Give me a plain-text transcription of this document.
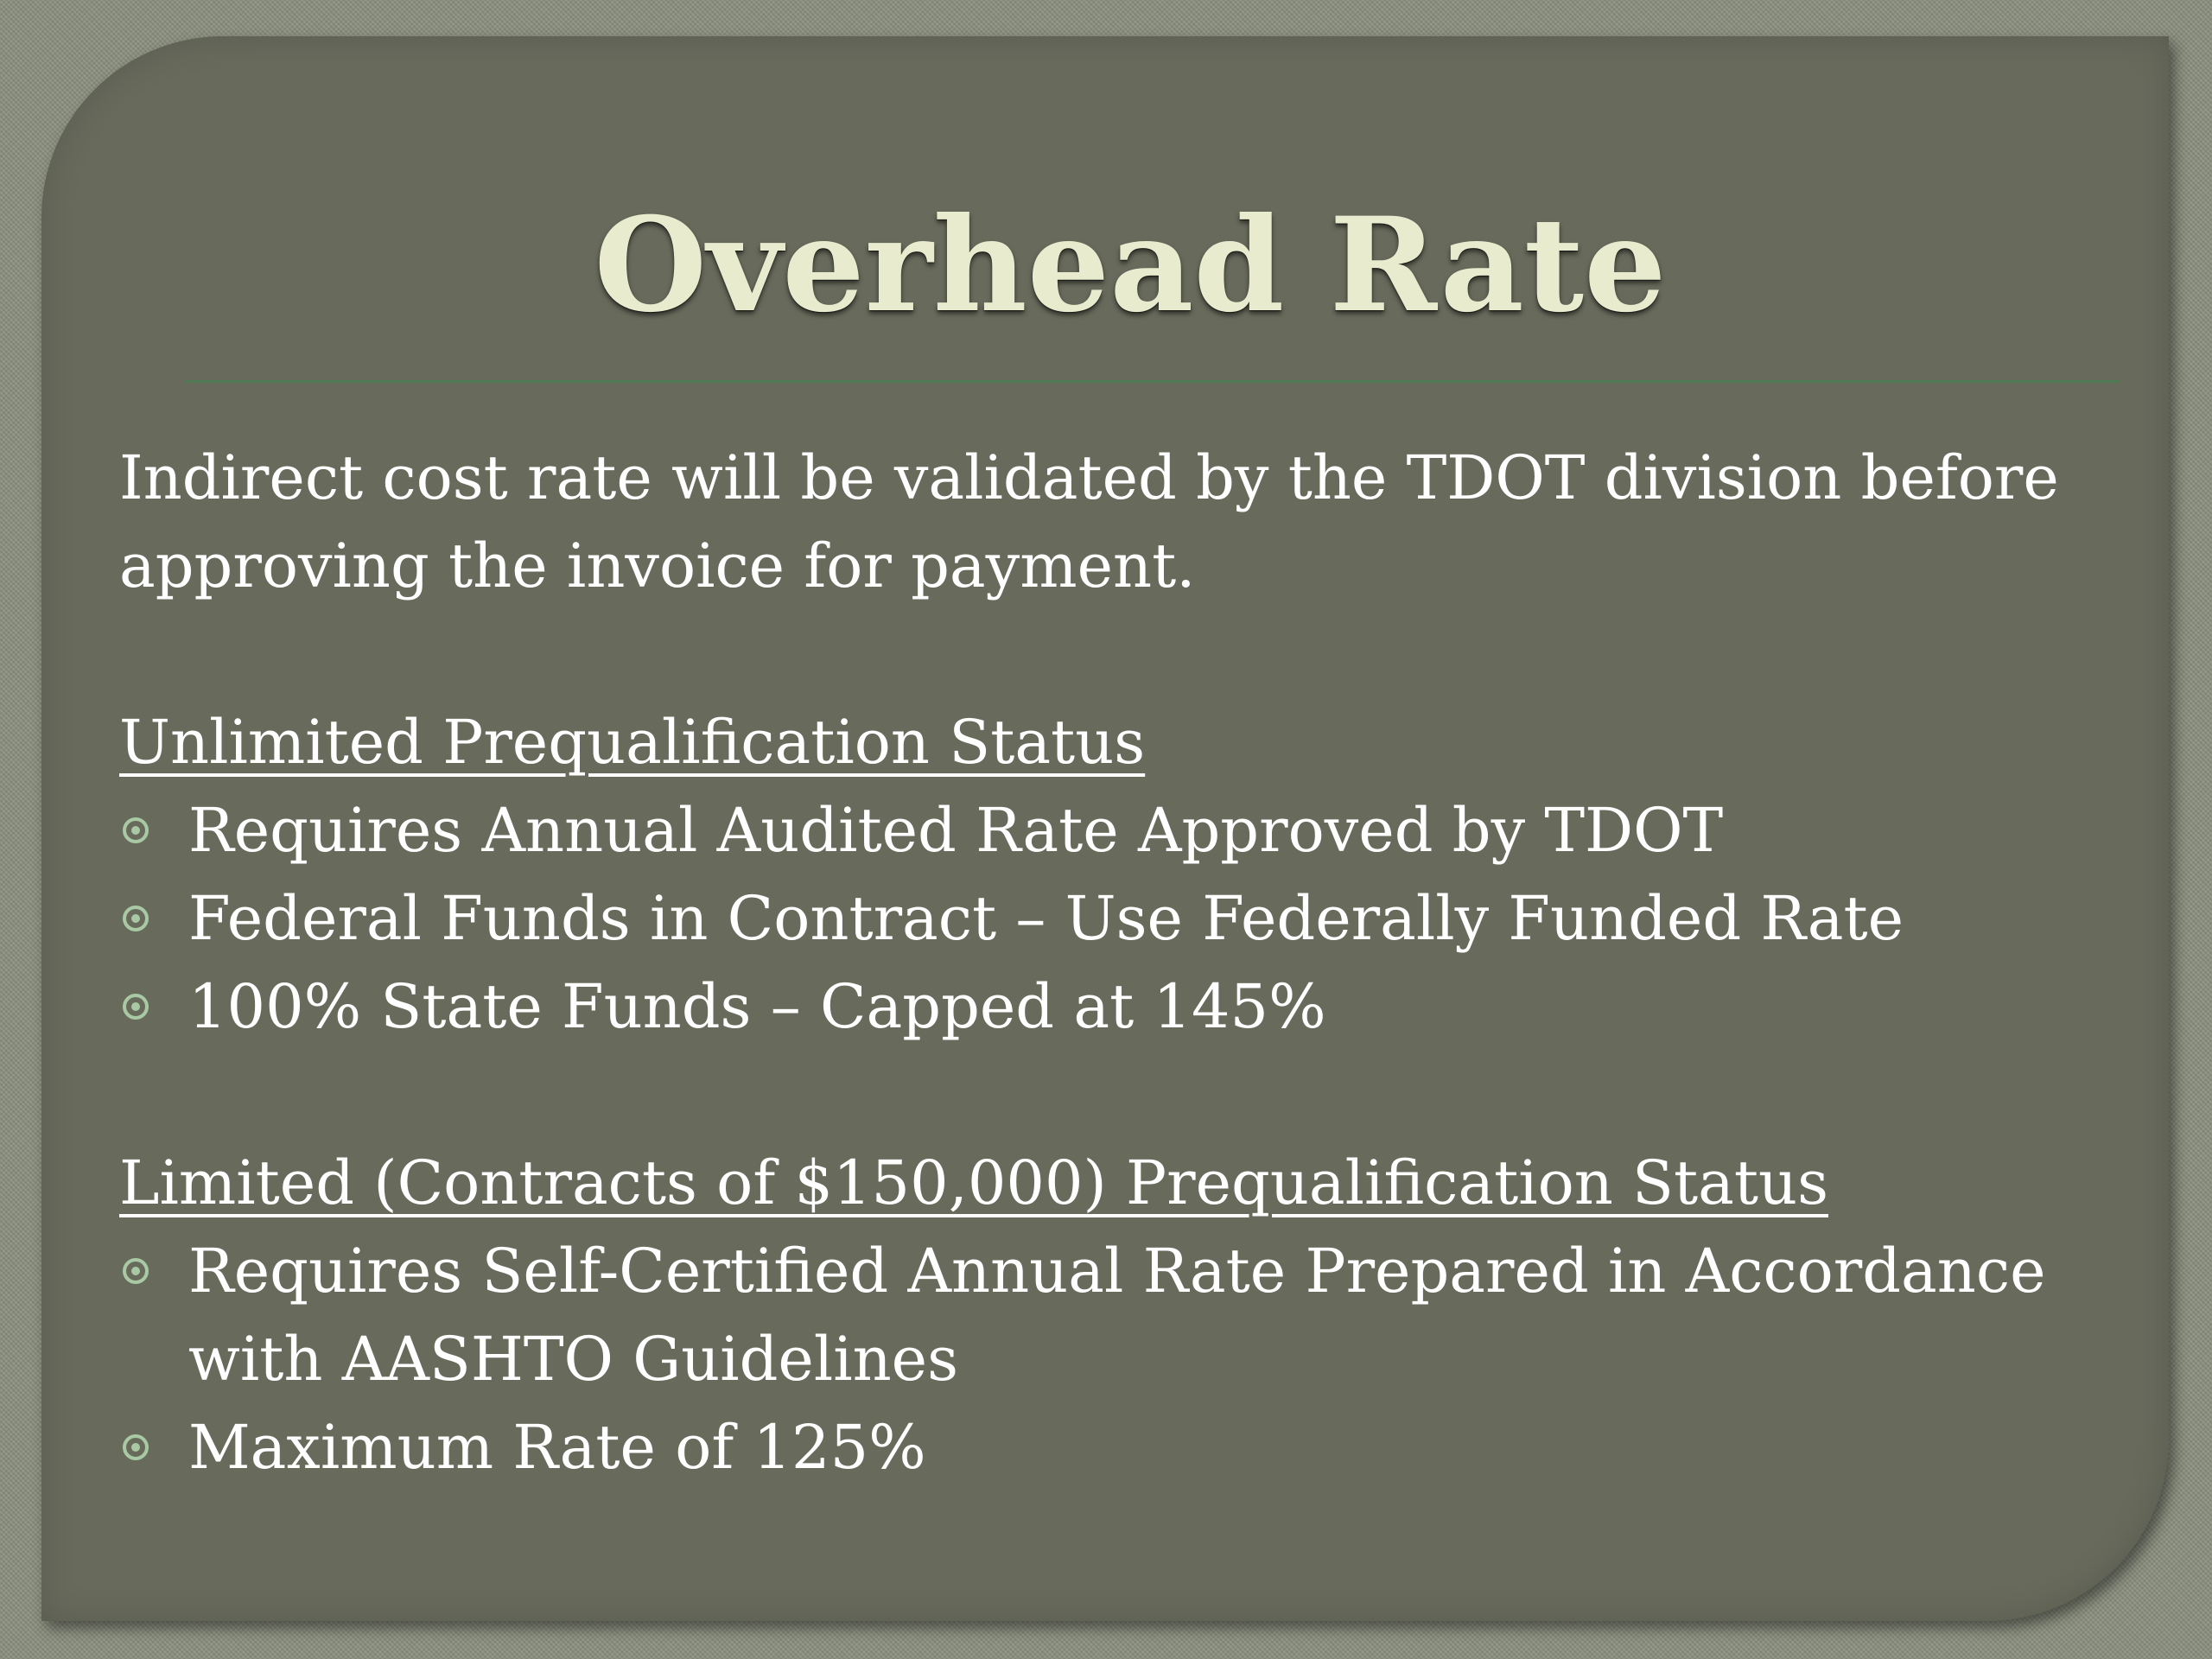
Overhead Rate

Indirect cost rate will be validated by the TDOT division before approving the invoice for payment.

Unlimited Prequalification Status

Requires Annual Audited Rate Approved by TDOT
Federal Funds in Contract – Use Federally Funded Rate
100% State Funds – Capped at 145%

Limited (Contracts of $150,000) Prequalification Status

Requires Self-Certified Annual Rate Prepared in Accordance with AASHTO Guidelines
Maximum Rate of 125%
